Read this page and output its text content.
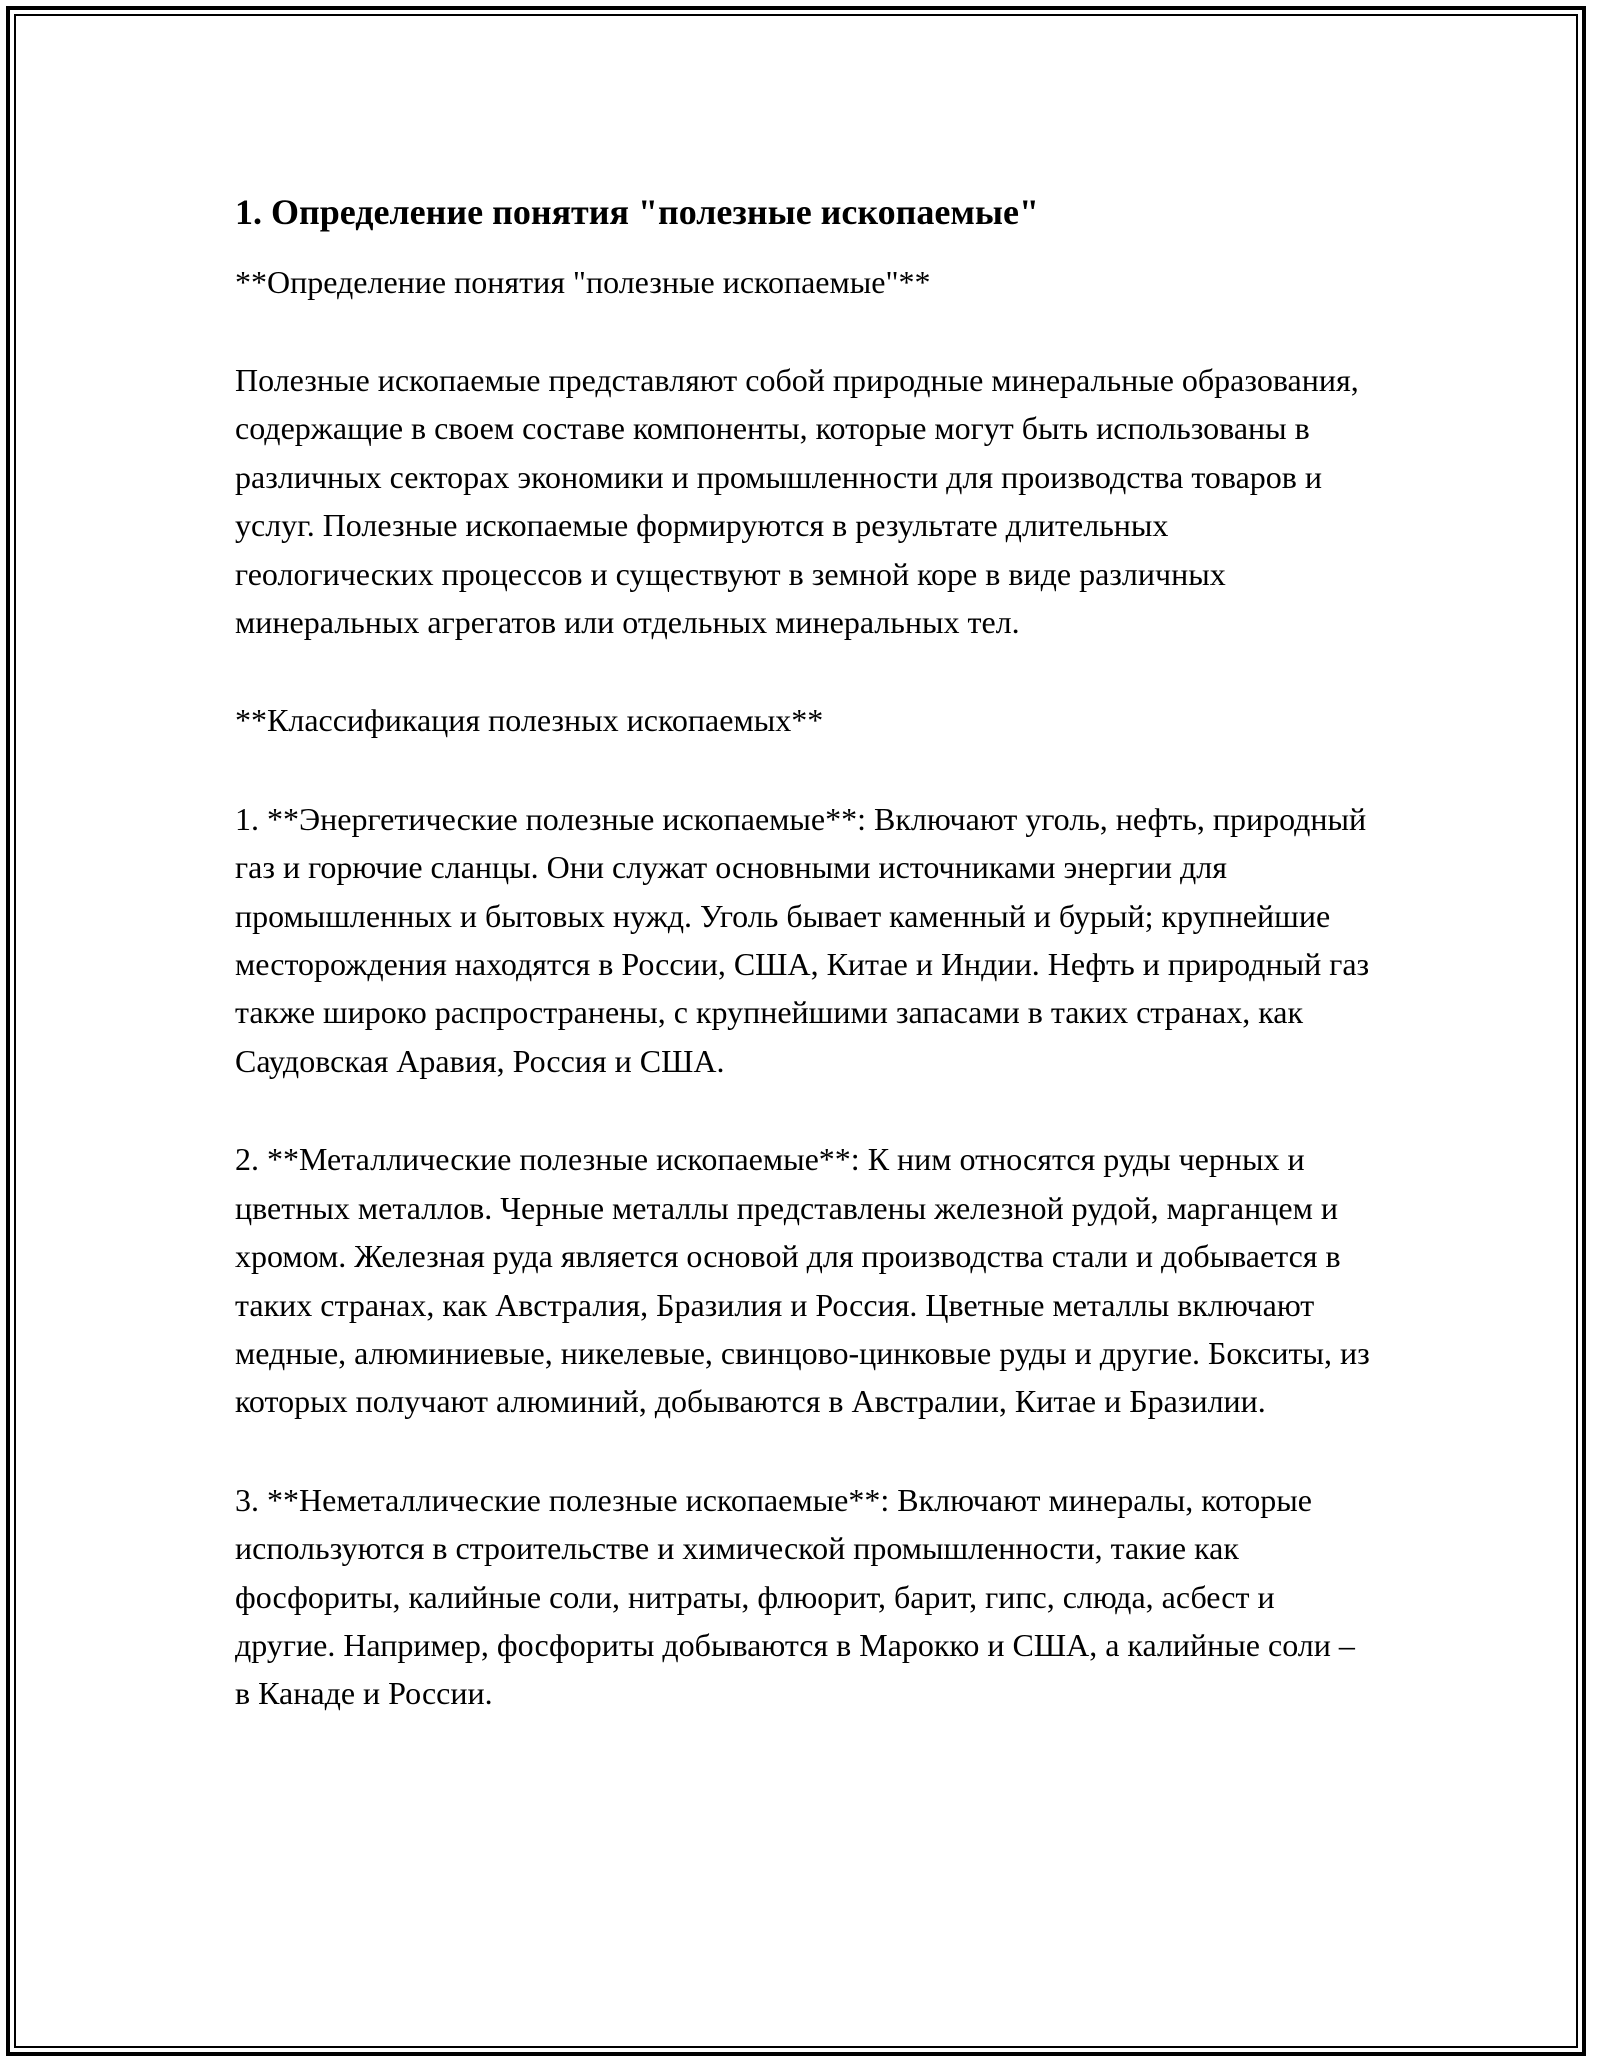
1. Определение понятия "полезные ископаемые"

**Определение понятия "полезные ископаемые"**

Полезные ископаемые представляют собой природные минеральные образования, содержащие в своем составе компоненты, которые могут быть использованы в различных секторах экономики и промышленности для производства товаров и услуг. Полезные ископаемые формируются в результате длительных геологических процессов и существуют в земной коре в виде различных минеральных агрегатов или отдельных минеральных тел.

**Классификация полезных ископаемых**

1. **Энергетические полезные ископаемые**: Включают уголь, нефть, природный газ и горючие сланцы. Они служат основными источниками энергии для промышленных и бытовых нужд. Уголь бывает каменный и бурый; крупнейшие месторождения находятся в России, США, Китае и Индии. Нефть и природный газ также широко распространены, с крупнейшими запасами в таких странах, как Саудовская Аравия, Россия и США.

2. **Металлические полезные ископаемые**: К ним относятся руды черных и цветных металлов. Черные металлы представлены железной рудой, марганцем и хромом. Железная руда является основой для производства стали и добывается в таких странах, как Австралия, Бразилия и Россия. Цветные металлы включают медные, алюминиевые, никелевые, свинцово-цинковые руды и другие. Бокситы, из которых получают алюминий, добываются в Австралии, Китае и Бразилии.

3. **Неметаллические полезные ископаемые**: Включают минералы, которые используются в строительстве и химической промышленности, такие как фосфориты, калийные соли, нитраты, флюорит, барит, гипс, слюда, асбест и другие. Например, фосфориты добываются в Марокко и США, а калийные соли – в Канаде и России.
